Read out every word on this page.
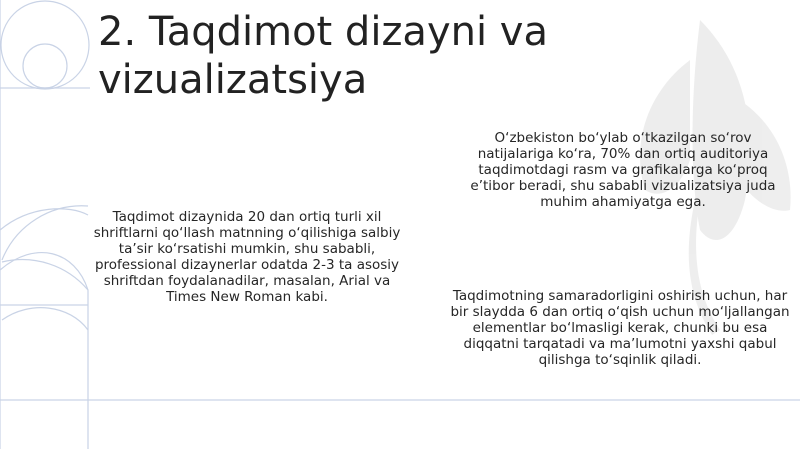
2. Taqdimot dizayni va vizualizatsiya

Taqdimot dizaynida 20 dan ortiq turli xil shriftlarni qo‘llash matnning o‘qilishiga salbiy ta’sir ko‘rsatishi mumkin, shu sababli, professional dizaynerlar odatda 2-3 ta asosiy shriftdan foydalanadilar, masalan, Arial va Times New Roman kabi.

O‘zbekiston bo‘ylab o‘tkazilgan so‘rov natijalariga ko‘ra, 70% dan ortiq auditoriya taqdimotdagi rasm va grafikalarga ko‘proq e’tibor beradi, shu sababli vizualizatsiya juda muhim ahamiyatga ega.

Taqdimotning samaradorligini oshirish uchun, har bir slaydda 6 dan ortiq o‘qish uchun mo‘ljallangan elementlar bo‘lmasligi kerak, chunki bu esa diqqatni tarqatadi va ma’lumotni yaxshi qabul qilishga to‘sqinlik qiladi.
